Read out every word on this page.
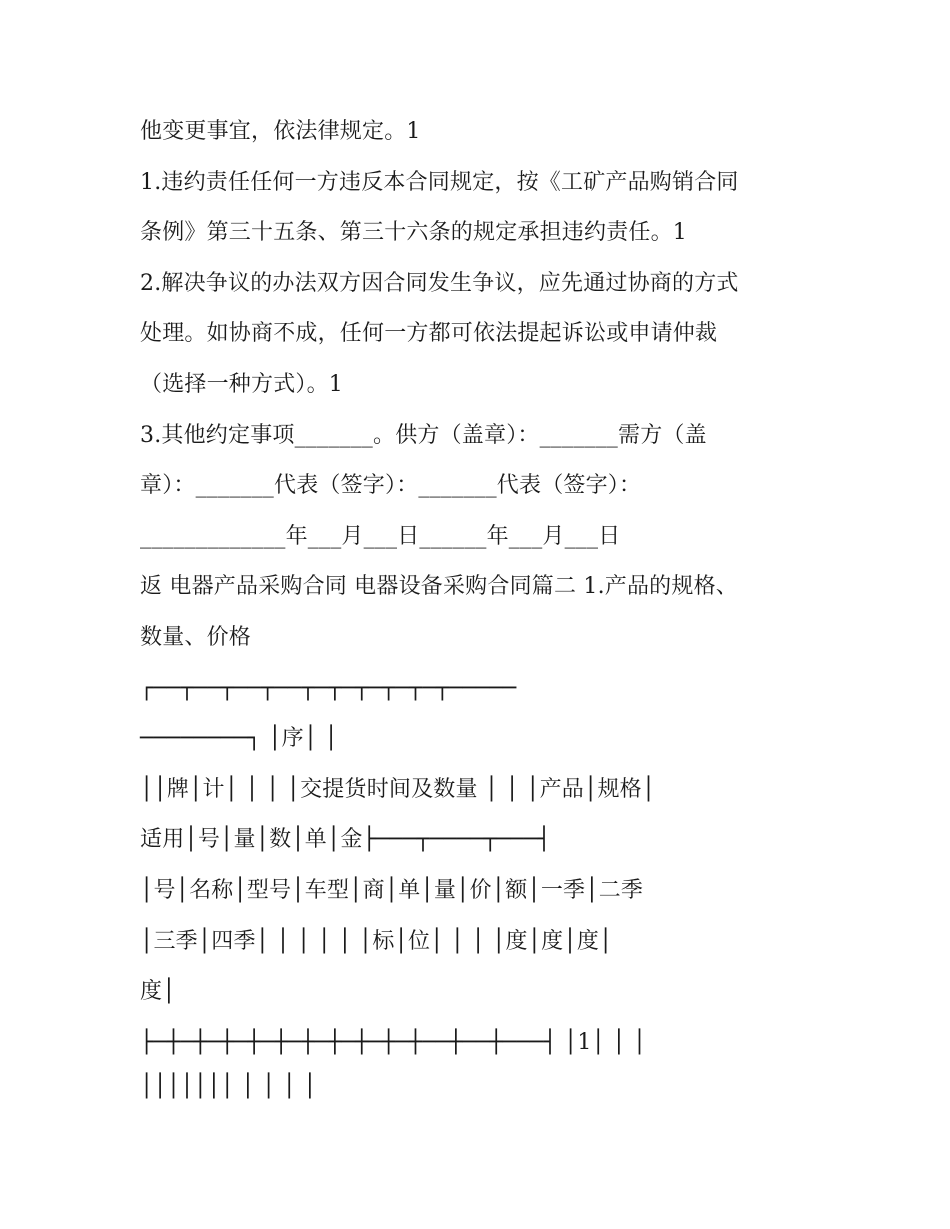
他变更事宜，依法律规定。1
1.违约责任任何一方违反本合同规定，按《工矿产品购销合同
条例》第三十五条、第三十六条的规定承担违约责任。1
2.解决争议的办法双方因合同发生争议，应先通过协商的方式
处理。如协商不成，任何一方都可依法提起诉讼或申请仲裁
（选择一种方式）。1
3.其他约定事项_______。供方（盖章）：_______需方（盖
章）：_______代表（签字）：_______代表（签字）：
_____________年___月___日______年___月___日
返 电器产品采购合同 电器设备采购合同篇二 1.产品的规格、
数量、价格
┌──┬──┬──┬──┬─┬─┬─┬─┬─┬─────
────────┐ │序│ │
││牌│计│ │ │ │交提货时间及数量 │ │ │产品│规格│
适用│号│量│数│单│金├───┬────┬───┤
│号│名称│型号│车型│商│单│量│价│额│一季│二季
│三季│四季│ │ │ │ │ │标│位│ │ │ │度│度│度│
度│
├─┼─┼─┼─┼─┼─┼─┼─┼─┼─┼──┼──┼───┤ │1│ │ │
│││││││ │ │ │ │
